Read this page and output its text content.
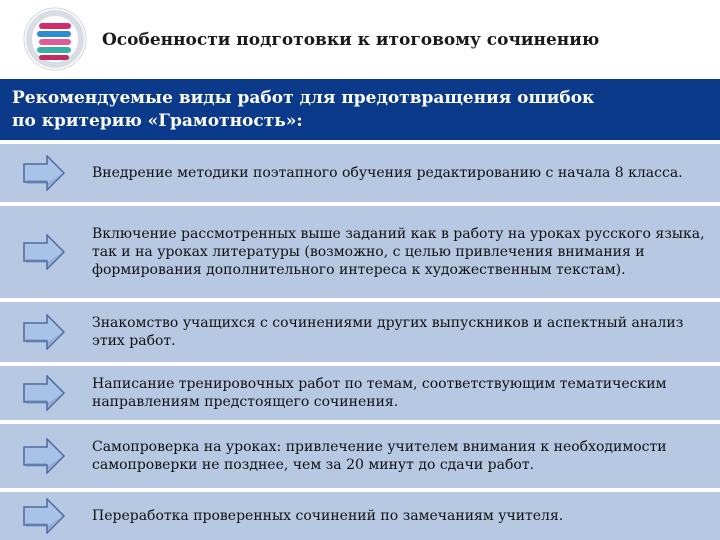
Особенности подготовки к итоговому сочинению
Рекомендуемые виды работ для предотвращения ошибок
по критерию «Грамотность»:
Внедрение методики поэтапного обучения редактированию с начала 8 класса.
Включение рассмотренных выше заданий как в работу на уроках русского языка, так и на уроках литературы (возможно, с целью привлечения внимания и формирования дополнительного интереса к художественным текстам).
Знакомство учащихся с сочинениями других выпускников и аспектный анализ этих работ.
Написание тренировочных работ по темам, соответствующим тематическим направлениям предстоящего сочинения.
Самопроверка на уроках: привлечение учителем внимания к необходимости самопроверки не позднее, чем за 20 минут до сдачи работ.
Переработка проверенных сочинений по замечаниям учителя.
